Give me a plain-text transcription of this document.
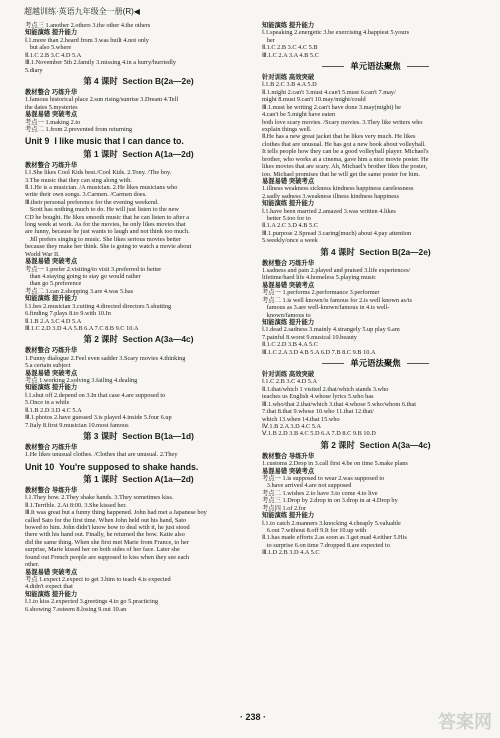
超越训练·英语九年级全一册(R)◀
考点三 1.another 2.others 3.the other 4.the others
知能演练 提升能力
Ⅰ.1.more than 2.heard from 3.was built 4.not only
but also 5.where
Ⅱ.1.C 2.B 3.C 4.D 5.A
Ⅲ.1.November 5th 2.family 3.missing 4.in a hurry/hurriedly
5.diary
第 4 课时  Section B(2a—2e)
教材整合 巧练升华
1.famous historical place 2.sun rising/sunrise 3.Dream 4.Tell
the dates 5.mysteries
易混易错 突破考点
考点一 1.making 2.to
考点二 1.from 2.prevented from returning
Unit 9  I like music that I can dance to.
第 1 课时  Section A(1a—2d)
教材整合 巧练升华
Ⅰ.1.She likes Cool Kids best./Cool Kids. 2.Tony. /The boy.
3.The music that they can sing along with.
Ⅱ.1.He is a musician. /A musician. 2.He likes musicians who
write their own songs. 3.Carmen. /Carmen does.
Ⅲ.their personal preference for the evening weekend.
Scott has nothing much to do. He will just listen to the new
CD he bought. He likes smooth music that he can listen to after a
long week at work. As for the movies, he only likes movies that
are funny, because he just wants to laugh and not think too much.
Jill prefers singing to music. She likes serious movies better
because they make her think. She is going to watch a movie about
World War II.
易混易错 突破考点
考点一 1.prefer 2.visiting/to visit 3.preferred to better
than 4.staying going to stay go would rather
than go 5.preference
考点二 1.can 2.shopping 3.are 4.was 5.has
知能演练 提升能力
Ⅰ.1.bes 2.musician 3.cutting 4.directed directors 5.shutting
6.finding 7.plays 8.to 9.with 10.In
Ⅱ.1.B 2.A 3.C 4.D 5.A
Ⅲ.1.C 2.D 3.D 4.A 5.B 6.A 7.C 8.B 9.C 10.A
第 2 课时  Section A(3a—4c)
教材整合 巧练升华
1.Funny dialogue 2.Feel even sadder 3.Scary movies 4.thinking
5.a certain subject
易混易错 突破考点
考点 1.working 2.solving 3.failing 4.dealing
知能演练 提升能力
Ⅰ.1.shut off 2.depend on 3.In that case 4.are supposed to
5.Once in a while
Ⅱ.1.B 2.D 3.D 4.C 5.A
Ⅲ.1.photos 2.have guessed 3.is played 4.inside 5.four 6.up
7.Italy 8.first 9.musician 10.most famous
第 3 课时  Section B(1a—1d)
教材整合 巧练升华
1.He likes unusual clothes. /Clothes that are unusual. 2.They
Unit 10  You're supposed to shake hands.
第 1 课时  Section A(1a—2d)
教材整合 导练升华
Ⅰ.1.They bow. 2.They shake hands. 3.They sometimes kiss.
Ⅱ.1.Terrible. 2.At 8:00. 3.She kissed her.
Ⅲ.It was great but a funny thing happened. John had met a Japanese boy
called Sato for the first time. When John held out his hand, Sato
bowed to him. John didn't know how to deal with it, he just stood
there with his hand out. Finally, he returned the bow. Katie also
did the same thing. When she first met Marie from France, to her
surprise, Marie kissed her on both sides of her face. Later she
found out French people are supposed to kiss when they see each
other.
易混易错 突破考点
考点 1.expect 2.expect to get 3.him to teach 4.is expected
4.didn't expect that
知能演练 提升能力
Ⅰ.1.to kiss 2.expected 3.greetings 4.to go 5.practicing
6.showing 7.esteem 8.losing 9.out 10.an
知能演练 提升能力
Ⅰ.1.speaking 2.energetic 3.be exercising 4.happiest 5.yours
her
Ⅱ.1.C 2.B 3.C 4.C 5.B
Ⅲ.1.C 2.A 3.A 4.B 5.C
单元语法聚焦
针对训练 高效突破
Ⅰ.1.B 2.C 3.B 4.A 5.D
Ⅱ.1.might 2.can't 3.must 4.can't 5.must 6.can't 7.may/
might 8.must 9.can't 10.may/might/could
Ⅲ.1.must be writing 2.can't have done 3.may(might) be
4.can't be 5.might have eaten
both love scary movies. /Scary movies. 3.They like writers who
explain things well.
Ⅱ.He has a new great jacket that he likes very much. He likes
clothes that are unusual. He has got a new book about volleyball.
It tells people how they can be a good volleyball player. Michael's
brother, who works at a cinema, gave him a nice movie poster. He
likes movies that are scary. Ah, Michael's brother likes the poster,
too. Michael promises that he will get the same poster for him.
易混易错 突破考点
1.illness weakness sickness kindness happiness carelessness
2.sadly sadness 3.weakness illness kindness happiness
知能演练 提升能力
Ⅰ.1.have been married 2.amazed 3.was written 4.likes
better 5.too for to
Ⅱ.1.A 2.C 3.D 4.B 5.C
Ⅲ.1.purpose 2.Spread 3.caring(much) about 4.pay attention
5.weekly/once a week
第 4 课时  Section B(2a—2e)
教材整合 巧练升华
1.sadness and pain 2.played and praised 3.life experiences/
lifetime/hard life 4.homeless 5.playing music
易混易错 突破考点
考点一 1.performs 2.performance 3.performer
考点二 1.is well known/is famous for 2.is well known as/is
famous as 3.are well-known/famous in 4.is well-
known/famous to
知能演练 提升能力
Ⅰ.1.dead 2.sadness 3.mainly 4.strangely 5.up play 6.am
7.painful 8.worst 9.musical 10.beauty
Ⅱ.1.C 2.D 3.B 4.A 5.C
Ⅲ.1.C 2.A 3.D 4.B 5.A 6.D 7.B 8.C 9.B 10.A
单元语法聚焦
针对训练 高效突破
Ⅰ.1.C 2.B 3.C 4.D 5.A
Ⅱ.1.that/which 1 visited 2.that/which stands 3.who
teaches us English 4.whose lyrics 5.who has
Ⅲ.1.who/that 2.that/which 3.that 4.whose 5.who/whom 6.that
7.that 8.that 9.whose 10.who 11.that 12.that/
which 13.when 14.that 15.who
Ⅳ.1.B 2.A 3.D 4.C 5.A
Ⅴ.1.B 2.D 3.B 4.C 5.D 6.A 7.D 8.C 9.B 10.D
第 2 课时  Section A(3a—4c)
教材整合 导练升华
1.customs 2.Drop in 3.call first 4.be on time 5.make plans
易混易错 突破考点
考点一 1.is supposed to wear 2.was supposed to
3.have arrived 4.are not supposed
考点二 1.wishes 2.to have 3.to come 4.to live
考点三 1.Drop by 2.drop in on 3.drop in at 4.Drop by
考点四 1.of 2.for
知能演练 提升能力
Ⅰ.1.to catch 2.manners 3.knocking 4.cheaply 5.valuable
6.out 7.without 8.off 9.It for 10.up with
Ⅱ.1.has made efforts 2.as soon as 3.get mad 4.either 5.His
to surprise 6.on time 7.dropped 8.are expected to
Ⅲ.1.D 2.B 3.D 4.A 5.C
· 238 ·	答案网
